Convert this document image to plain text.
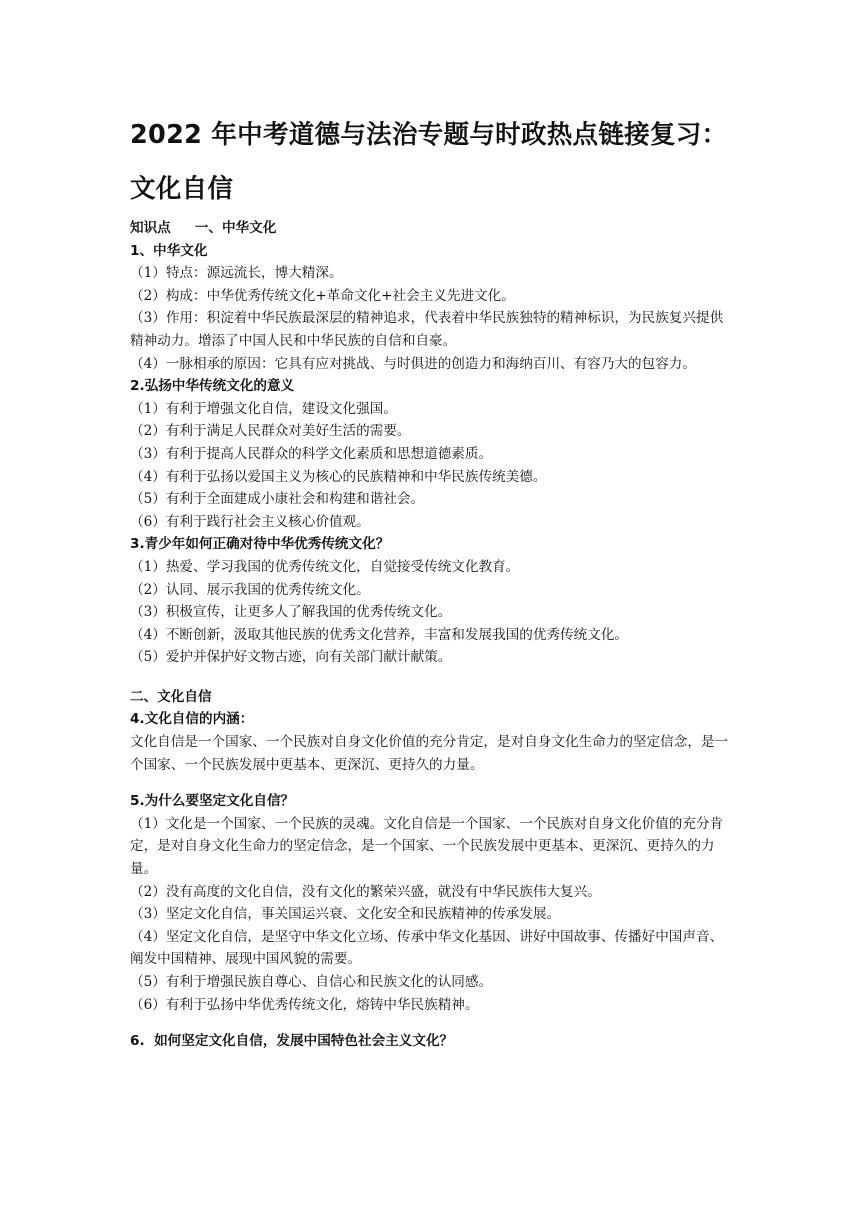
2022 年中考道德与法治专题与时政热点链接复习：文化自信

知识点 一、中华文化

1、中华文化

（1）特点：源远流长，博大精深。

（2）构成：中华优秀传统文化+革命文化+社会主义先进文化。

（3）作用：积淀着中华民族最深层的精神追求，代表着中华民族独特的精神标识，为民族复兴提供精神动力。增添了中国人民和中华民族的自信和自豪。

（4）一脉相承的原因：它具有应对挑战、与时俱进的创造力和海纳百川、有容乃大的包容力。

2.弘扬中华传统文化的意义

（1）有利于增强文化自信，建设文化强国。

（2）有利于满足人民群众对美好生活的需要。

（3）有利于提高人民群众的科学文化素质和思想道德素质。

（4）有利于弘扬以爱国主义为核心的民族精神和中华民族传统美德。

（5）有利于全面建成小康社会和构建和谐社会。

（6）有利于践行社会主义核心价值观。

3.青少年如何正确对待中华优秀传统文化？

（1）热爱、学习我国的优秀传统文化，自觉接受传统文化教育。

（2）认同、展示我国的优秀传统文化。

（3）积极宣传，让更多人了解我国的优秀传统文化。

（4）不断创新，汲取其他民族的优秀文化营养，丰富和发展我国的优秀传统文化。

（5）爱护并保护好文物古迹，向有关部门献计献策。

二、文化自信

4.文化自信的内涵：

文化自信是一个国家、一个民族对自身文化价值的充分肯定，是对自身文化生命力的坚定信念，是一个国家、一个民族发展中更基本、更深沉、更持久的力量。

5.为什么要坚定文化自信？

（1）文化是一个国家、一个民族的灵魂。文化自信是一个国家、一个民族对自身文化价值的充分肯定，是对自身文化生命力的坚定信念，是一个国家、一个民族发展中更基本、更深沉、更持久的力量。

（2）没有高度的文化自信，没有文化的繁荣兴盛，就没有中华民族伟大复兴。

（3）坚定文化自信，事关国运兴衰、文化安全和民族精神的传承发展。

（4）坚定文化自信，是坚守中华文化立场、传承中华文化基因、讲好中国故事、传播好中国声音、阐发中国精神、展现中国风貌的需要。

（5）有利于增强民族自尊心、自信心和民族文化的认同感。

（6）有利于弘扬中华优秀传统文化，熔铸中华民族精神。

6.  如何坚定文化自信，发展中国特色社会主义文化？
